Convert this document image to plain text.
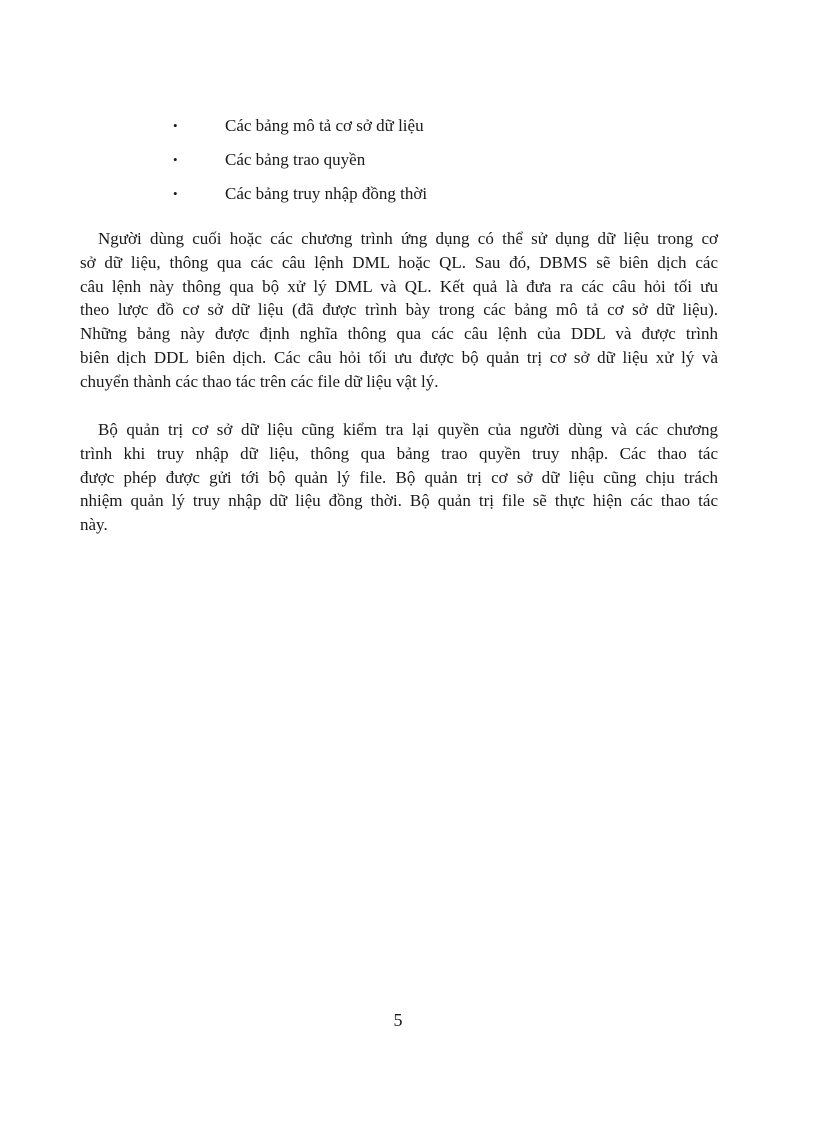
•	Các bảng mô tả cơ sở dữ liệu
•	Các bảng trao quyền
•	Các bảng truy nhập đồng thời
Người dùng cuối hoặc các chương trình ứng dụng có thể sử dụng dữ liệu trong cơ
sở dữ liệu, thông qua các câu lệnh DML hoặc QL. Sau đó, DBMS sẽ biên dịch các
câu lệnh này thông qua bộ xử lý DML và QL. Kết quả là đưa ra các câu hỏi tối ưu
theo lược đồ cơ sở dữ liệu (đã được trình bày trong các bảng mô tả cơ sở dữ liệu).
Những bảng này được định nghĩa thông qua các câu lệnh của DDL và được trình
biên dịch DDL biên dịch. Các câu hỏi tối ưu được bộ quản trị cơ sở dữ liệu xử lý và
chuyển thành các thao tác trên các file dữ liệu vật lý.
Bộ quản trị cơ sở dữ liệu cũng kiểm tra lại quyền của người dùng và các chương
trình khi truy nhập dữ liệu, thông qua bảng trao quyền truy nhập. Các thao tác
được phép được gửi tới bộ quản lý file. Bộ quản trị cơ sở dữ liệu cũng chịu trách
nhiệm quản lý truy nhập dữ liệu đồng thời. Bộ quản trị file sẽ thực hiện các thao tác
này.
5
